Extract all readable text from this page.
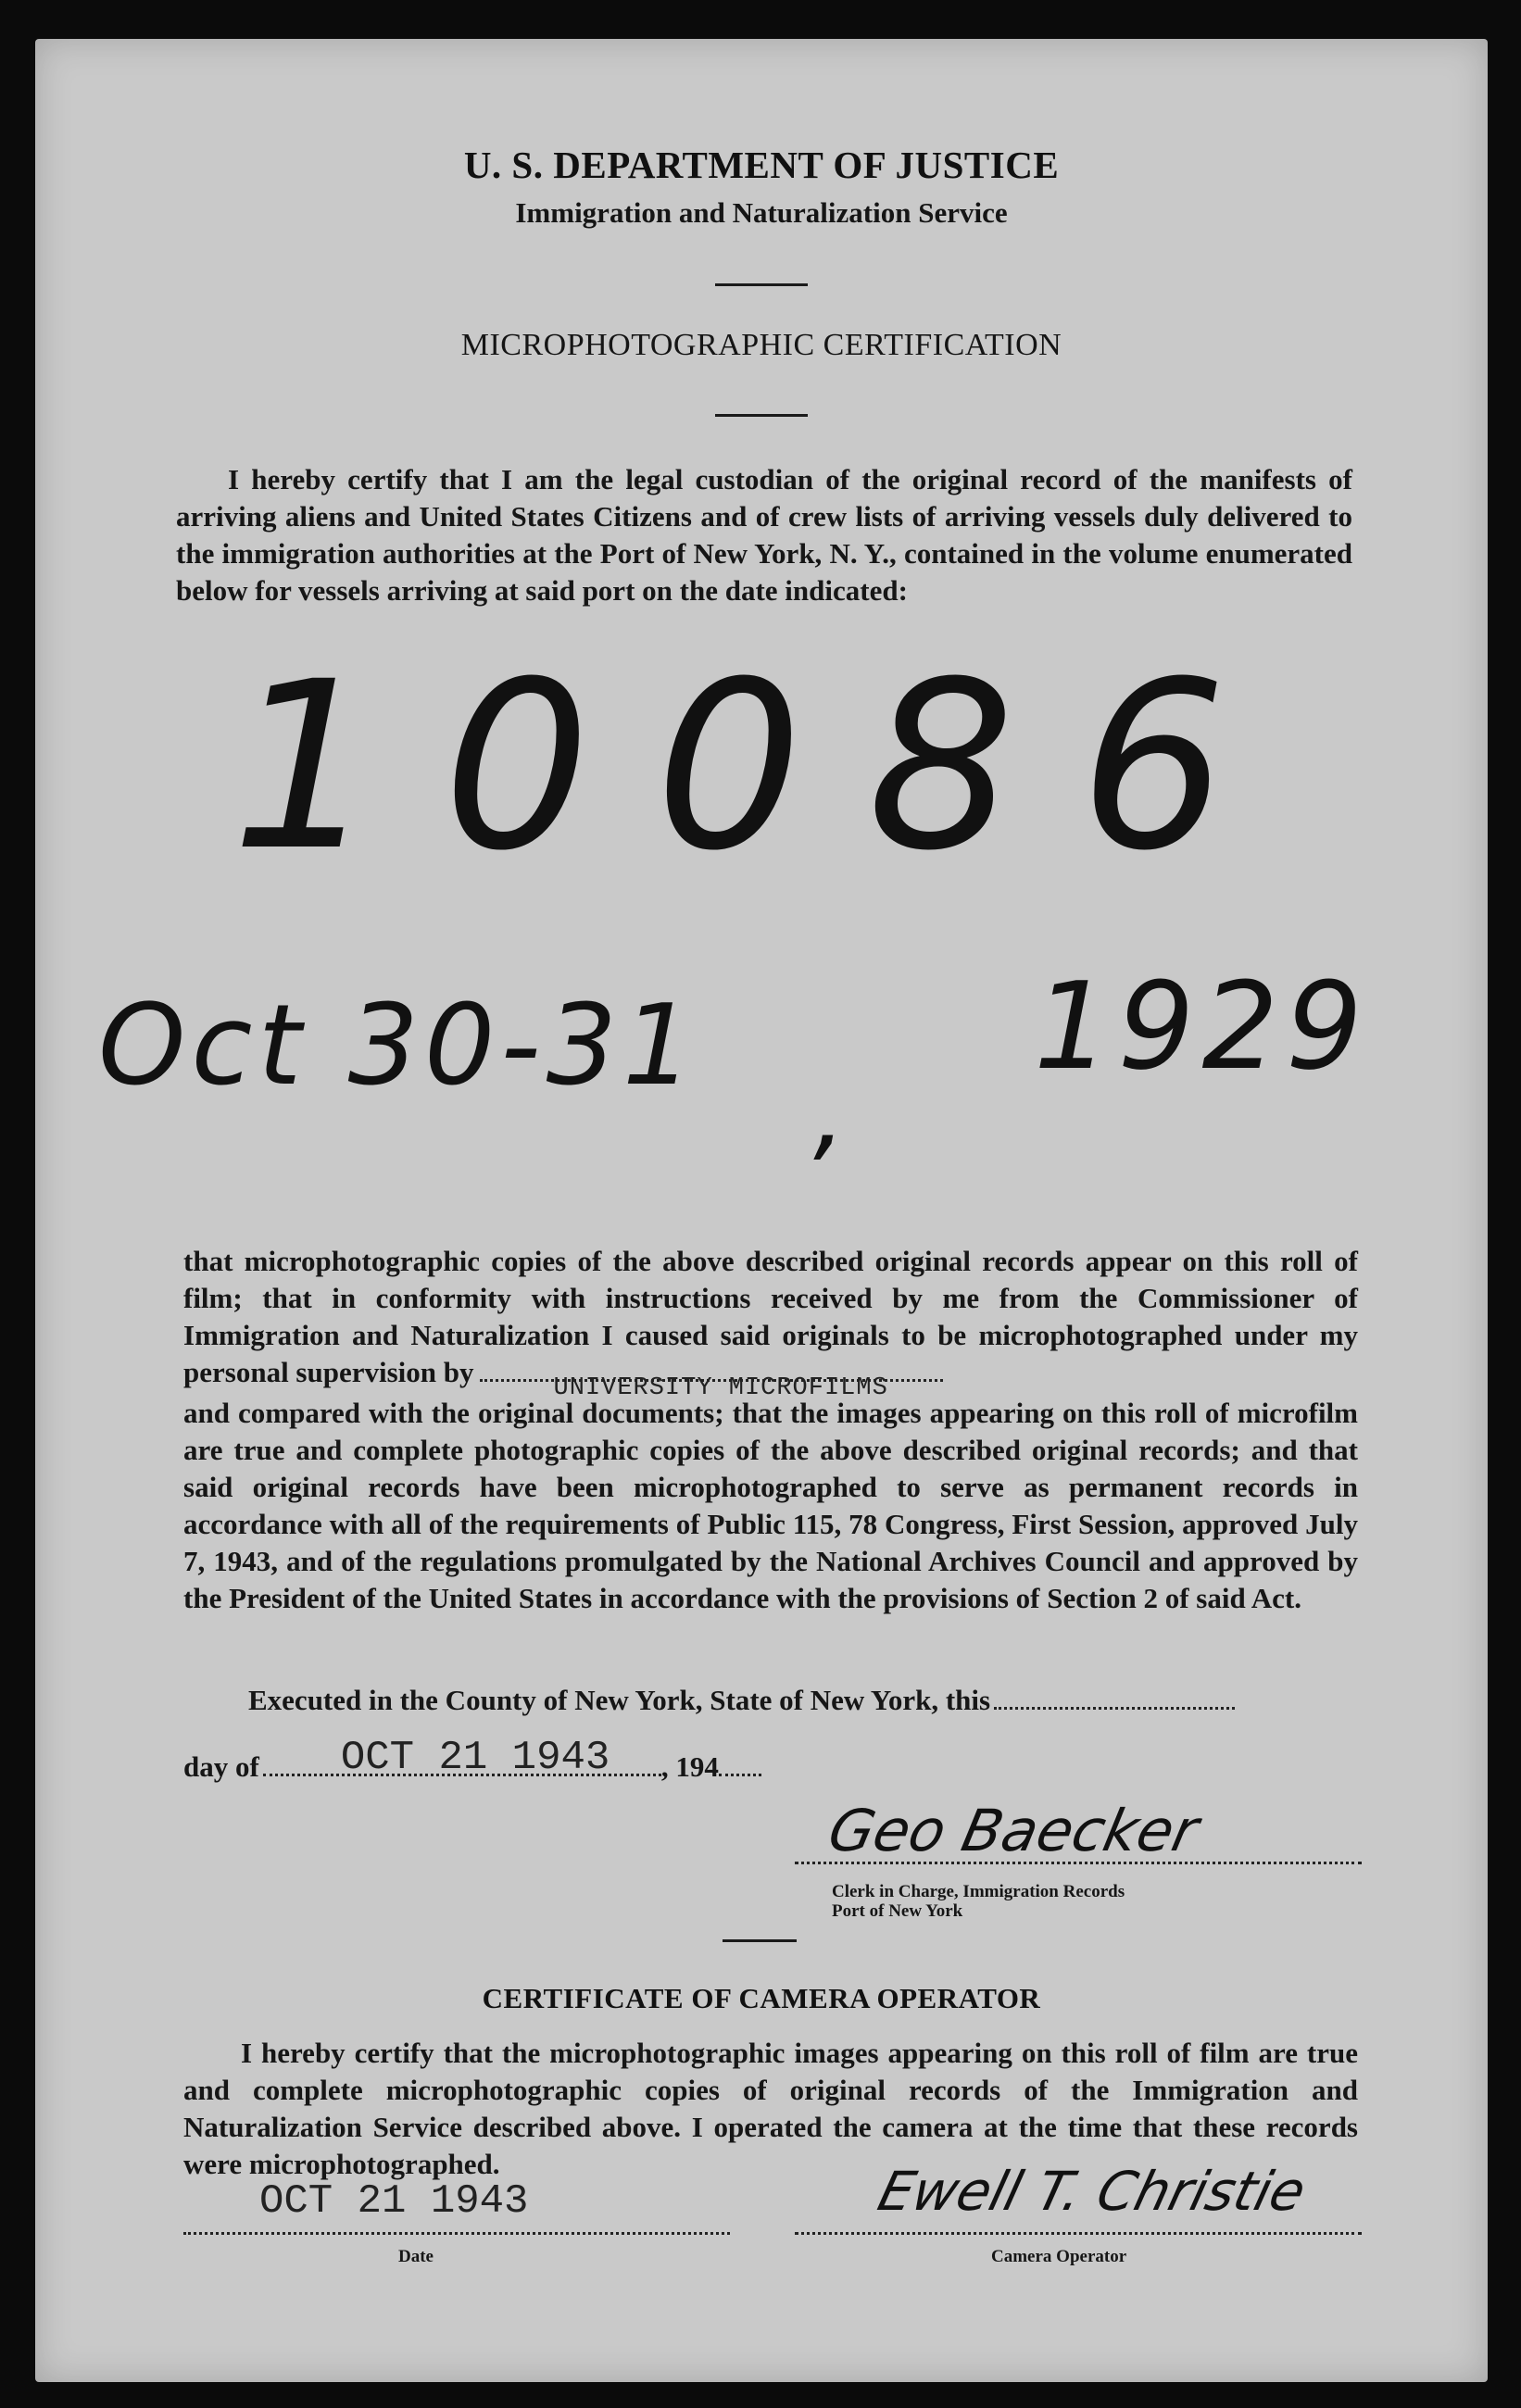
U. S. DEPARTMENT OF JUSTICE
Immigration and Naturalization Service
MICROPHOTOGRAPHIC CERTIFICATION
I hereby certify that I am the legal custodian of the original record of the manifests of arriving aliens and United States Citizens and of crew lists of arriving vessels duly delivered to the immigration authorities at the Port of New York, N. Y., contained in the volume enumerated below for vessels arriving at said port on the date indicated:
10086
Oct 30-31
,
1929
that microphotographic copies of the above described original records appear on this roll of film; that in conformity with instructions received by me from the Commissioner of Immigration and Naturalization I caused said originals to be microphotographed under my personal supervision by	UNIVERSITY MICROFILMS
and compared with the original documents; that the images appearing on this roll of microfilm are true and complete photographic copies of the above described original records; and that said original records have been microphotographed to serve as permanent records in accordance with all of the requirements of Public 115, 78 Congress, First Session, approved July 7, 1943, and of the regulations promulgated by the National Archives Council and approved by the President of the United States in accordance with the provisions of Section 2 of said Act.
Executed in the County of New York, State of New York, this
day of OCT 21 1943 , 194
Geo Baecker
Clerk in Charge, Immigration Records
Port of New York
CERTIFICATE OF CAMERA OPERATOR
I hereby certify that the microphotographic images appearing on this roll of film are true and complete microphotographic copies of original records of the Immigration and Naturalization Service described above. I operated the camera at the time that these records were microphotographed.
OCT 21 1943
Date
Ewell T. Christie
Camera Operator
